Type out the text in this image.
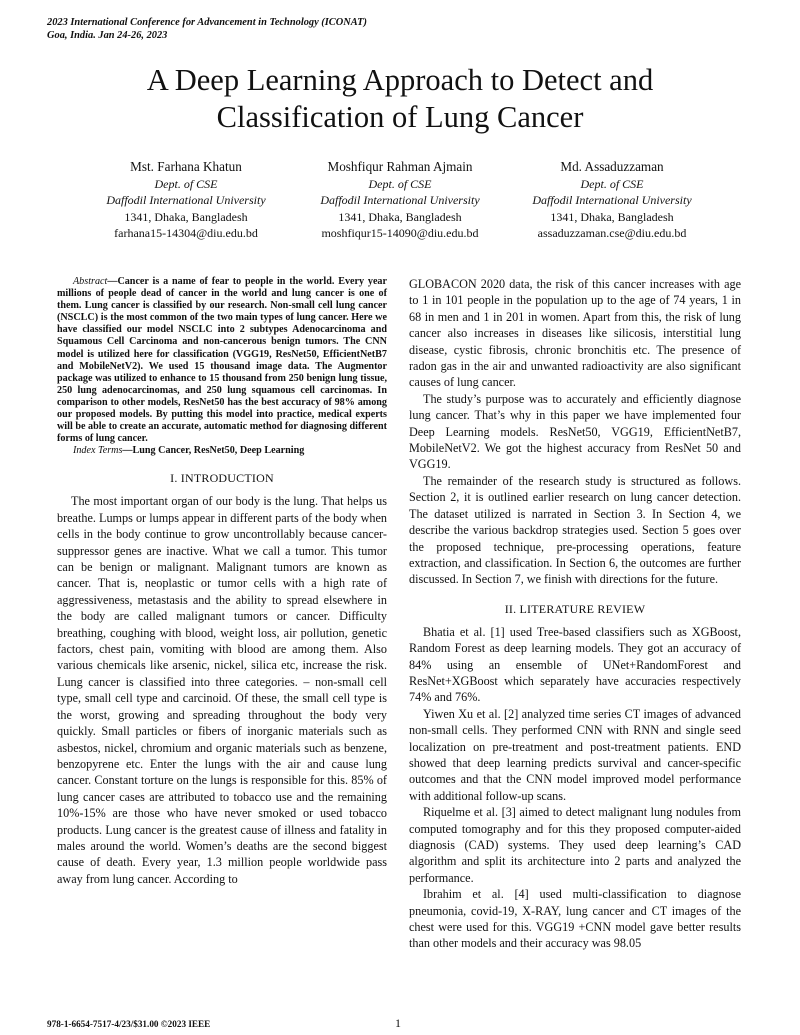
2023 International Conference for Advancement in Technology (ICONAT)
Goa, India. Jan 24-26, 2023
A Deep Learning Approach to Detect and
Classification of Lung Cancer
Mst. Farhana Khatun
Dept. of CSE
Daffodil International University
1341, Dhaka, Bangladesh
farhana15-14304@diu.edu.bd
Moshfiqur Rahman Ajmain
Dept. of CSE
Daffodil International University
1341, Dhaka, Bangladesh
moshfiqur15-14090@diu.edu.bd
Md. Assaduzzaman
Dept. of CSE
Daffodil International University
1341, Dhaka, Bangladesh
assaduzzaman.cse@diu.edu.bd

Abstract—Cancer is a name of fear to people in the world. Every year millions of people dead of cancer in the world and lung cancer is one of them. Lung cancer is classified by our research. Non-small cell lung cancer (NSCLC) is the most common of the two main types of lung cancer. Here we have classified our model NSCLC into 2 subtypes Adenocarcinoma and Squamous Cell Carcinoma and non-cancerous benign tumors. The CNN model is utilized here for classification (VGG19, ResNet50, EfficientNetB7 and MobileNetV2). We used 15 thousand image data. The Augmentor package was utilized to enhance to 15 thousand from 250 benign lung tissue, 250 lung adenocarcinomas, and 250 lung squamous cell carcinomas. In comparison to other models, ResNet50 has the best accuracy of 98% among our proposed models. By putting this model into practice, medical experts will be able to create an accurate, automatic method for diagnosing different forms of lung cancer.

Index Terms—Lung Cancer, ResNet50, Deep Learning

I. INTRODUCTION

The most important organ of our body is the lung. That helps us breathe. Lumps or lumps appear in different parts of the body when cells in the body continue to grow uncontrollably because cancer-suppressor genes are inactive. What we call a tumor. This tumor can be benign or malignant. Malignant tumors are known as cancer. That is, neoplastic or tumor cells with a high rate of aggressiveness, metastasis and the ability to spread elsewhere in the body are called malignant tumors or cancer. Difficulty breathing, coughing with blood, weight loss, air pollution, genetic factors, chest pain, vomiting with blood are among them. Also various chemicals like arsenic, nickel, silica etc, increase the risk. Lung cancer is classified into three categories. – non-small cell type, small cell type and carcinoid. Of these, the small cell type is the worst, growing and spreading throughout the body very quickly. Small particles or fibers of inorganic materials such as asbestos, nickel, chromium and organic materials such as benzene, benzopyrene etc. Enter the lungs with the air and cause lung cancer. Constant torture on the lungs is responsible for this. 85% of lung cancer cases are attributed to tobacco use and the remaining 10%-15% are those who have never smoked or used tobacco products. Lung cancer is the greatest cause of illness and fatality in males around the world. Women’s deaths are the second biggest cause of death. Every year, 1.3 million people worldwide pass away from lung cancer. According to

GLOBACON 2020 data, the risk of this cancer increases with age to 1 in 101 people in the population up to the age of 74 years, 1 in 68 in men and 1 in 201 in women. Apart from this, the risk of lung cancer also increases in diseases like silicosis, interstitial lung disease, cystic fibrosis, chronic bronchitis etc. The presence of radon gas in the air and unwanted radioactivity are also significant causes of lung cancer.

The study’s purpose was to accurately and efficiently diagnose lung cancer. That’s why in this paper we have implemented four Deep Learning models. ResNet50, VGG19, EfficientNetB7, MobileNetV2. We got the highest accuracy from ResNet 50 and VGG19.

The remainder of the research study is structured as follows. Section 2, it is outlined earlier research on lung cancer detection. The dataset utilized is narrated in Section 3. In Section 4, we describe the various backdrop strategies used. Section 5 goes over the proposed technique, pre-processing operations, feature extraction, and classification. In Section 6, the outcomes are further discussed. In Section 7, we finish with directions for the future.

II. LITERATURE REVIEW

Bhatia et al. [1] used Tree-based classifiers such as XGBoost, Random Forest as deep learning models. They got an accuracy of 84% using an ensemble of UNet+RandomForest and ResNet+XGBoost which separately have accuracies respectively 74% and 76%.

Yiwen Xu et al. [2] analyzed time series CT images of advanced non-small cells. They performed CNN with RNN and single seed localization on pre-treatment and post-treatment patients. END showed that deep learning predicts survival and cancer-specific outcomes and that the CNN model improved model performance with additional follow-up scans.

Riquelme et al. [3] aimed to detect malignant lung nodules from computed tomography and for this they proposed computer-aided diagnosis (CAD) systems. They used deep learning’s CAD algorithm and split its architecture into 2 parts and analyzed the performance.

Ibrahim et al. [4] used multi-classification to diagnose pneumonia, covid-19, X-RAY, lung cancer and CT images of the chest were used for this. VGG19 +CNN model gave better results than other models and their accuracy was 98.05

978-1-6654-7517-4/23/$31.00 ©2023 IEEE	1
